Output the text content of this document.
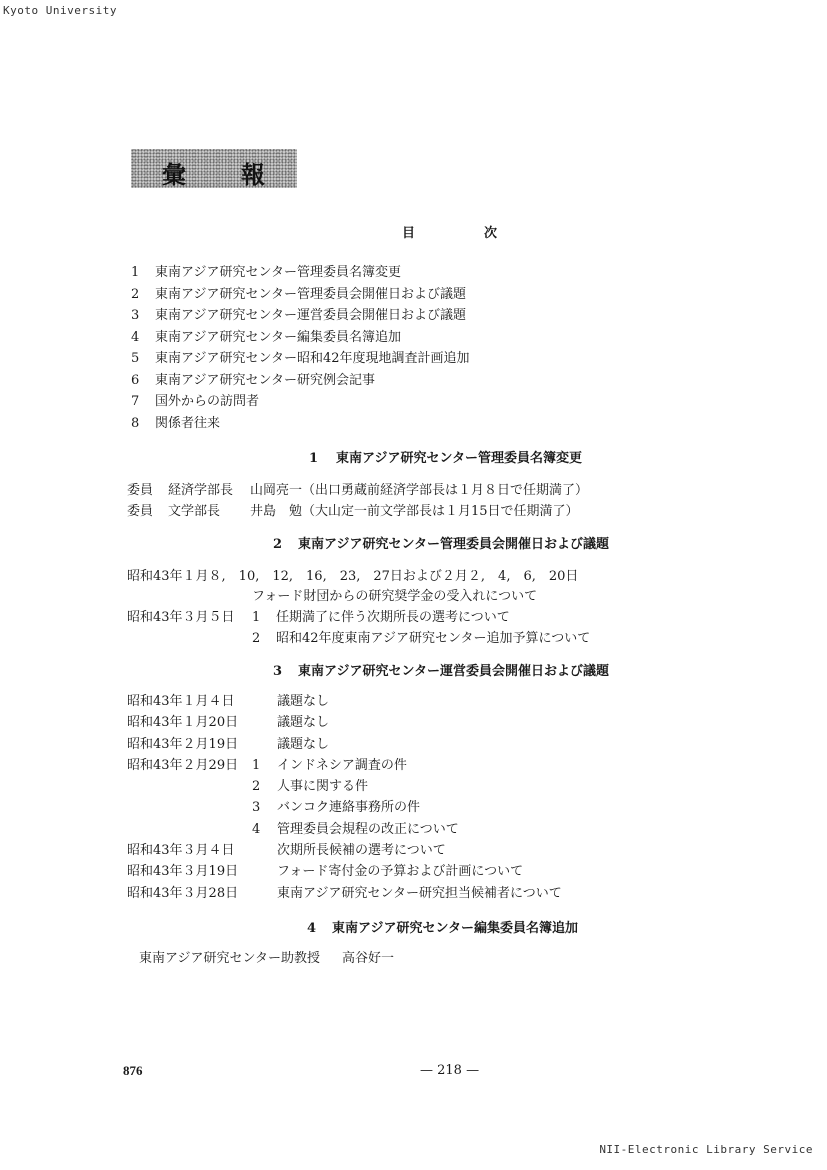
Kyoto University
NII-Electronic Library Service
彙 報
目	次
1 東南アジア研究センター管理委員名簿変更
2 東南アジア研究センター管理委員会開催日および議題
3 東南アジア研究センター運営委員会開催日および議題
4 東南アジア研究センター編集委員名簿追加
5 東南アジア研究センター昭和42年度現地調査計画追加
6 東南アジア研究センター研究例会記事
7 国外からの訪問者
8 関係者往来
1 東南アジア研究センター管理委員名簿変更
委員 経済学部長 山岡亮一（出口勇蔵前経済学部長は１月８日で任期満了）
委員 文学部長 井島　勉（大山定一前文学部長は１月15日で任期満了）
2 東南アジア研究センター管理委員会開催日および議題
昭和43年１月８,　10,　12,　16,　23,　27日および２月２,　4,　6,　20日
フォード財団からの研究奨学金の受入れについて
昭和43年３月５日 1 任期満了に伴う次期所長の選考について
2 昭和42年度東南アジア研究センター追加予算について
3 東南アジア研究センター運営委員会開催日および議題
昭和43年１月４日	議題なし
昭和43年１月20日	議題なし
昭和43年２月19日	議題なし
昭和43年２月29日 1 インドネシア調査の件
2 人事に関する件
3 バンコク連絡事務所の件
4 管理委員会規程の改正について
昭和43年３月４日	次期所長候補の選考について
昭和43年３月19日	フォード寄付金の予算および計画について
昭和43年３月28日	東南アジア研究センター研究担当候補者について
4 東南アジア研究センター編集委員名簿追加
東南アジア研究センター助教授 高谷好一
876	— 218 —
